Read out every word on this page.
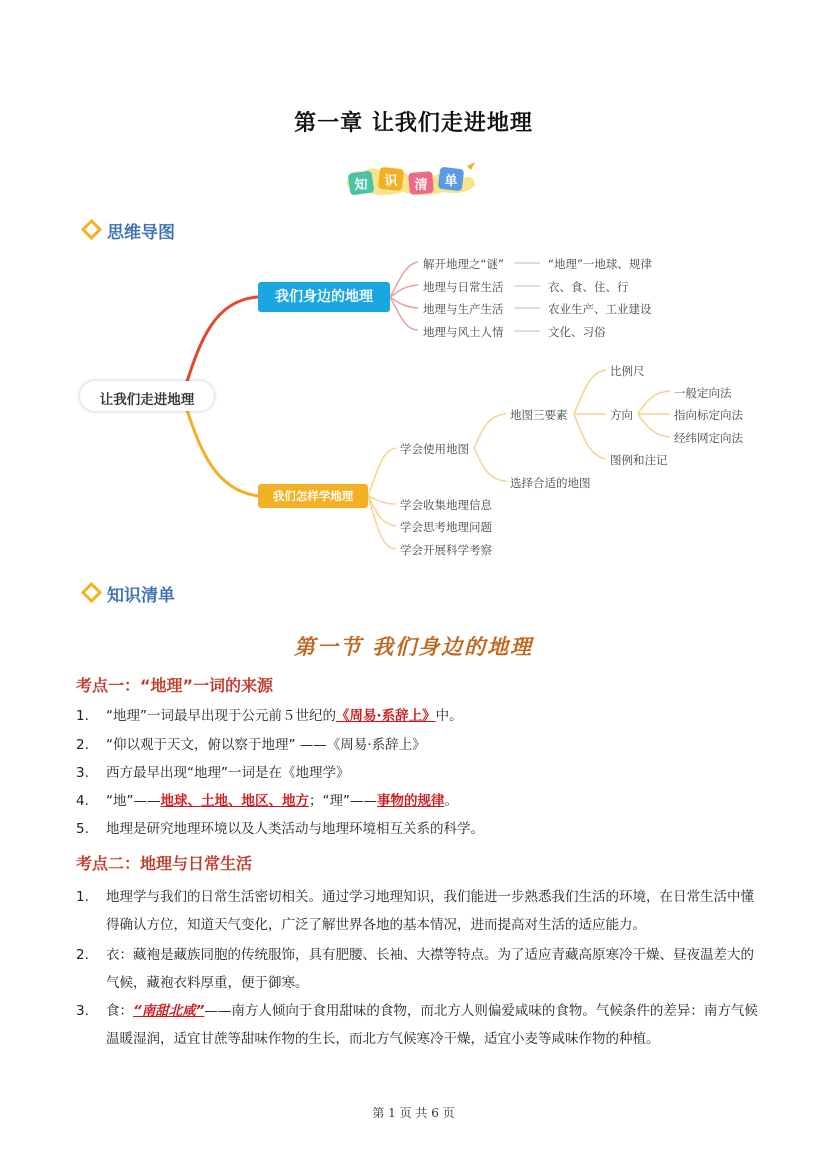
第一章 让我们走进地理
知 识 清 单
思维导图
让我们走进地理
我们身边的地理
解开地理之“谜”	“地理”一地球、规律
地理与日常生活	衣、食、住、行
地理与生产生活	农业生产、工业建设
地理与风土人情	文化、习俗
我们怎样学地理
学会使用地图
地图三要素
比例尺
方向
一般定向法
指向标定向法
经纬网定向法
图例和注记
选择合适的地图
学会收集地理信息
学会思考地理问题
学会开展科学考察
知识清单
第一节 我们身边的地理
考点一：“地理”一词的来源
1. “地理”一词最早出现于公元前５世纪的《周易·系辞上》中。
2. “仰以观于天文，俯以察于地理” ——《周易·系辞上》
3. 西方最早出现“地理”一词是在《地理学》
4. “地”——地球、土地、地区、地方；“理”——事物的规律。
5. 地理是研究地理环境以及人类活动与地理环境相互关系的科学。
考点二：地理与日常生活
1.	地理学与我们的日常生活密切相关。通过学习地理知识，我们能进一步熟悉我们生活的环境，在日常生活中懂得确认方位，知道天气变化，广泛了解世界各地的基本情况，进而提高对生活的适应能力。
2.	衣：藏袍是藏族同胞的传统服饰，具有肥腰、长袖、大襟等特点。为了适应青藏高原寒冷干燥、昼夜温差大的气候，藏袍衣料厚重，便于御寒。
3.	食：“南甜北咸”——南方人倾向于食用甜味的食物，而北方人则偏爱咸味的食物。气候条件的差异：南方气候温暖湿润，适宜甘蔗等甜味作物的生长，而北方气候寒冷干燥，适宜小麦等咸味作物的种植。
第 1 页 共 6 页
